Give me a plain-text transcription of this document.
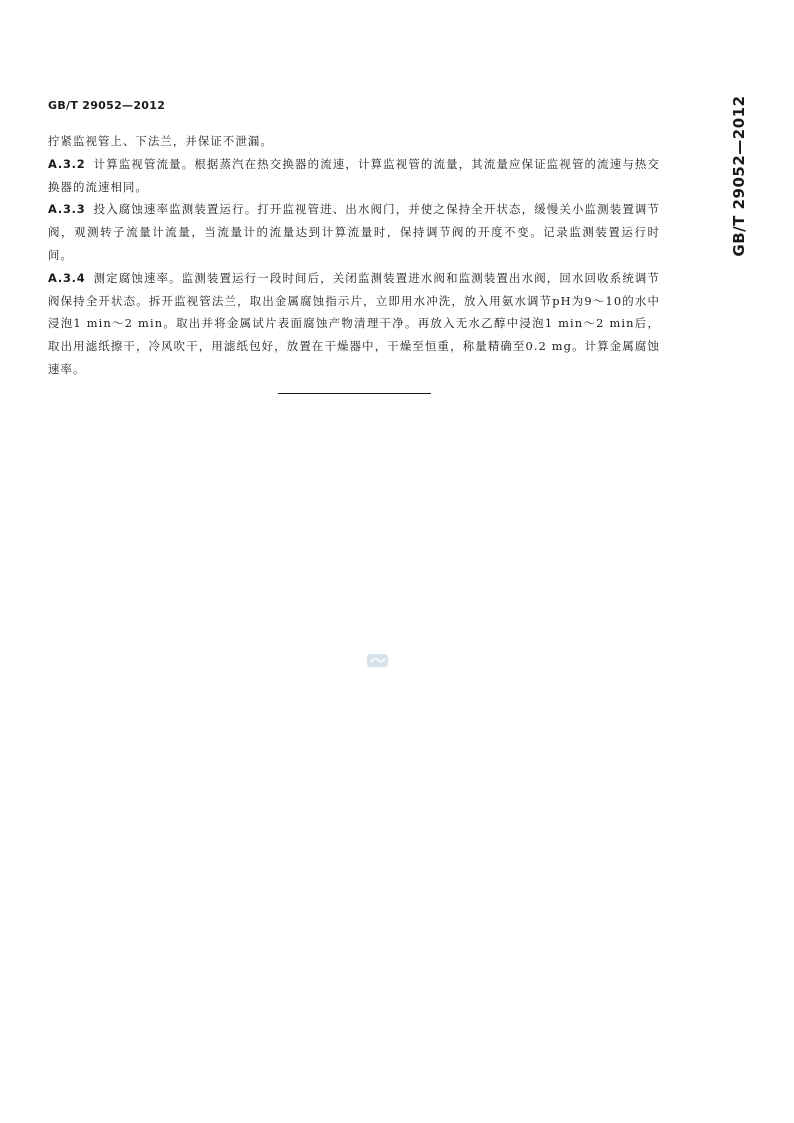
GB/T 29052—2012	GB/T 29052—2012

拧紧监视管上、下法兰，并保证不泄漏。

A.3.2 计算监视管流量。根据蒸汽在热交换器的流速，计算监视管的流量，其流量应保证监视管的流速与热交换器的流速相同。

A.3.3 投入腐蚀速率监测装置运行。打开监视管进、出水阀门，并使之保持全开状态，缓慢关小监测装置调节阀，观测转子流量计流量，当流量计的流量达到计算流量时，保持调节阀的开度不变。记录监测装置运行时间。

A.3.4 测定腐蚀速率。监测装置运行一段时间后，关闭监测装置进水阀和监测装置出水阀，回水回收系统调节阀保持全开状态。拆开监视管法兰，取出金属腐蚀指示片，立即用水冲洗，放入用氨水调节pH为9～10的水中浸泡1 min～2 min。取出并将金属试片表面腐蚀产物清理干净。再放入无水乙醇中浸泡1 min～2 min后，取出用滤纸擦干，冷风吹干，用滤纸包好，放置在干燥器中，干燥至恒重，称量精确至0.2 mg。计算金属腐蚀速率。
